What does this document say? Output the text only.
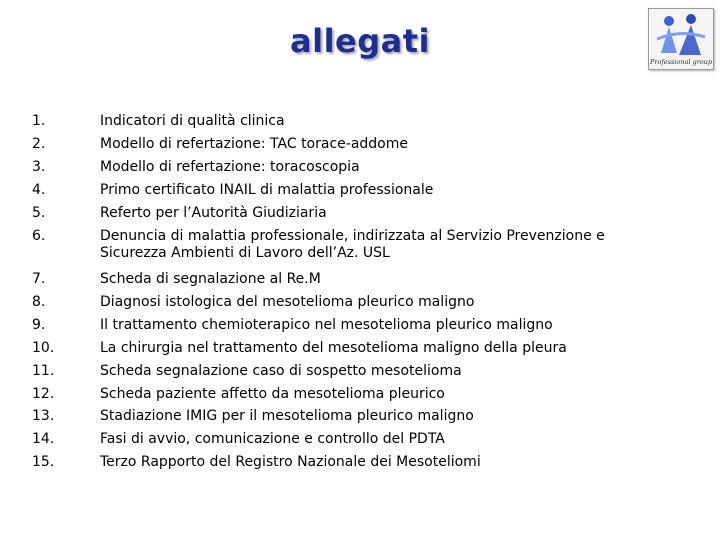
allegati
Professional group
1.	Indicatori di qualità clinica
2.	Modello di refertazione: TAC torace-addome
3.	Modello di refertazione: toracoscopia
4.	Primo certificato INAIL di malattia professionale
5.	Referto per l’Autorità Giudiziaria
6.	Denuncia di malattia professionale, indirizzata al Servizio Prevenzione e Sicurezza Ambienti di Lavoro dell’Az. USL
7.	Scheda di segnalazione al Re.M
8.	Diagnosi istologica del mesotelioma pleurico maligno
9.	Il trattamento chemioterapico nel mesotelioma pleurico maligno
10.	La chirurgia nel trattamento del mesotelioma maligno della pleura
11.	Scheda segnalazione caso di sospetto mesotelioma
12.	Scheda paziente affetto da mesotelioma pleurico
13.	Stadiazione IMIG per il mesotelioma pleurico maligno
14.	Fasi di avvio, comunicazione e controllo del PDTA
15.	Terzo Rapporto del Registro Nazionale dei Mesoteliomi
